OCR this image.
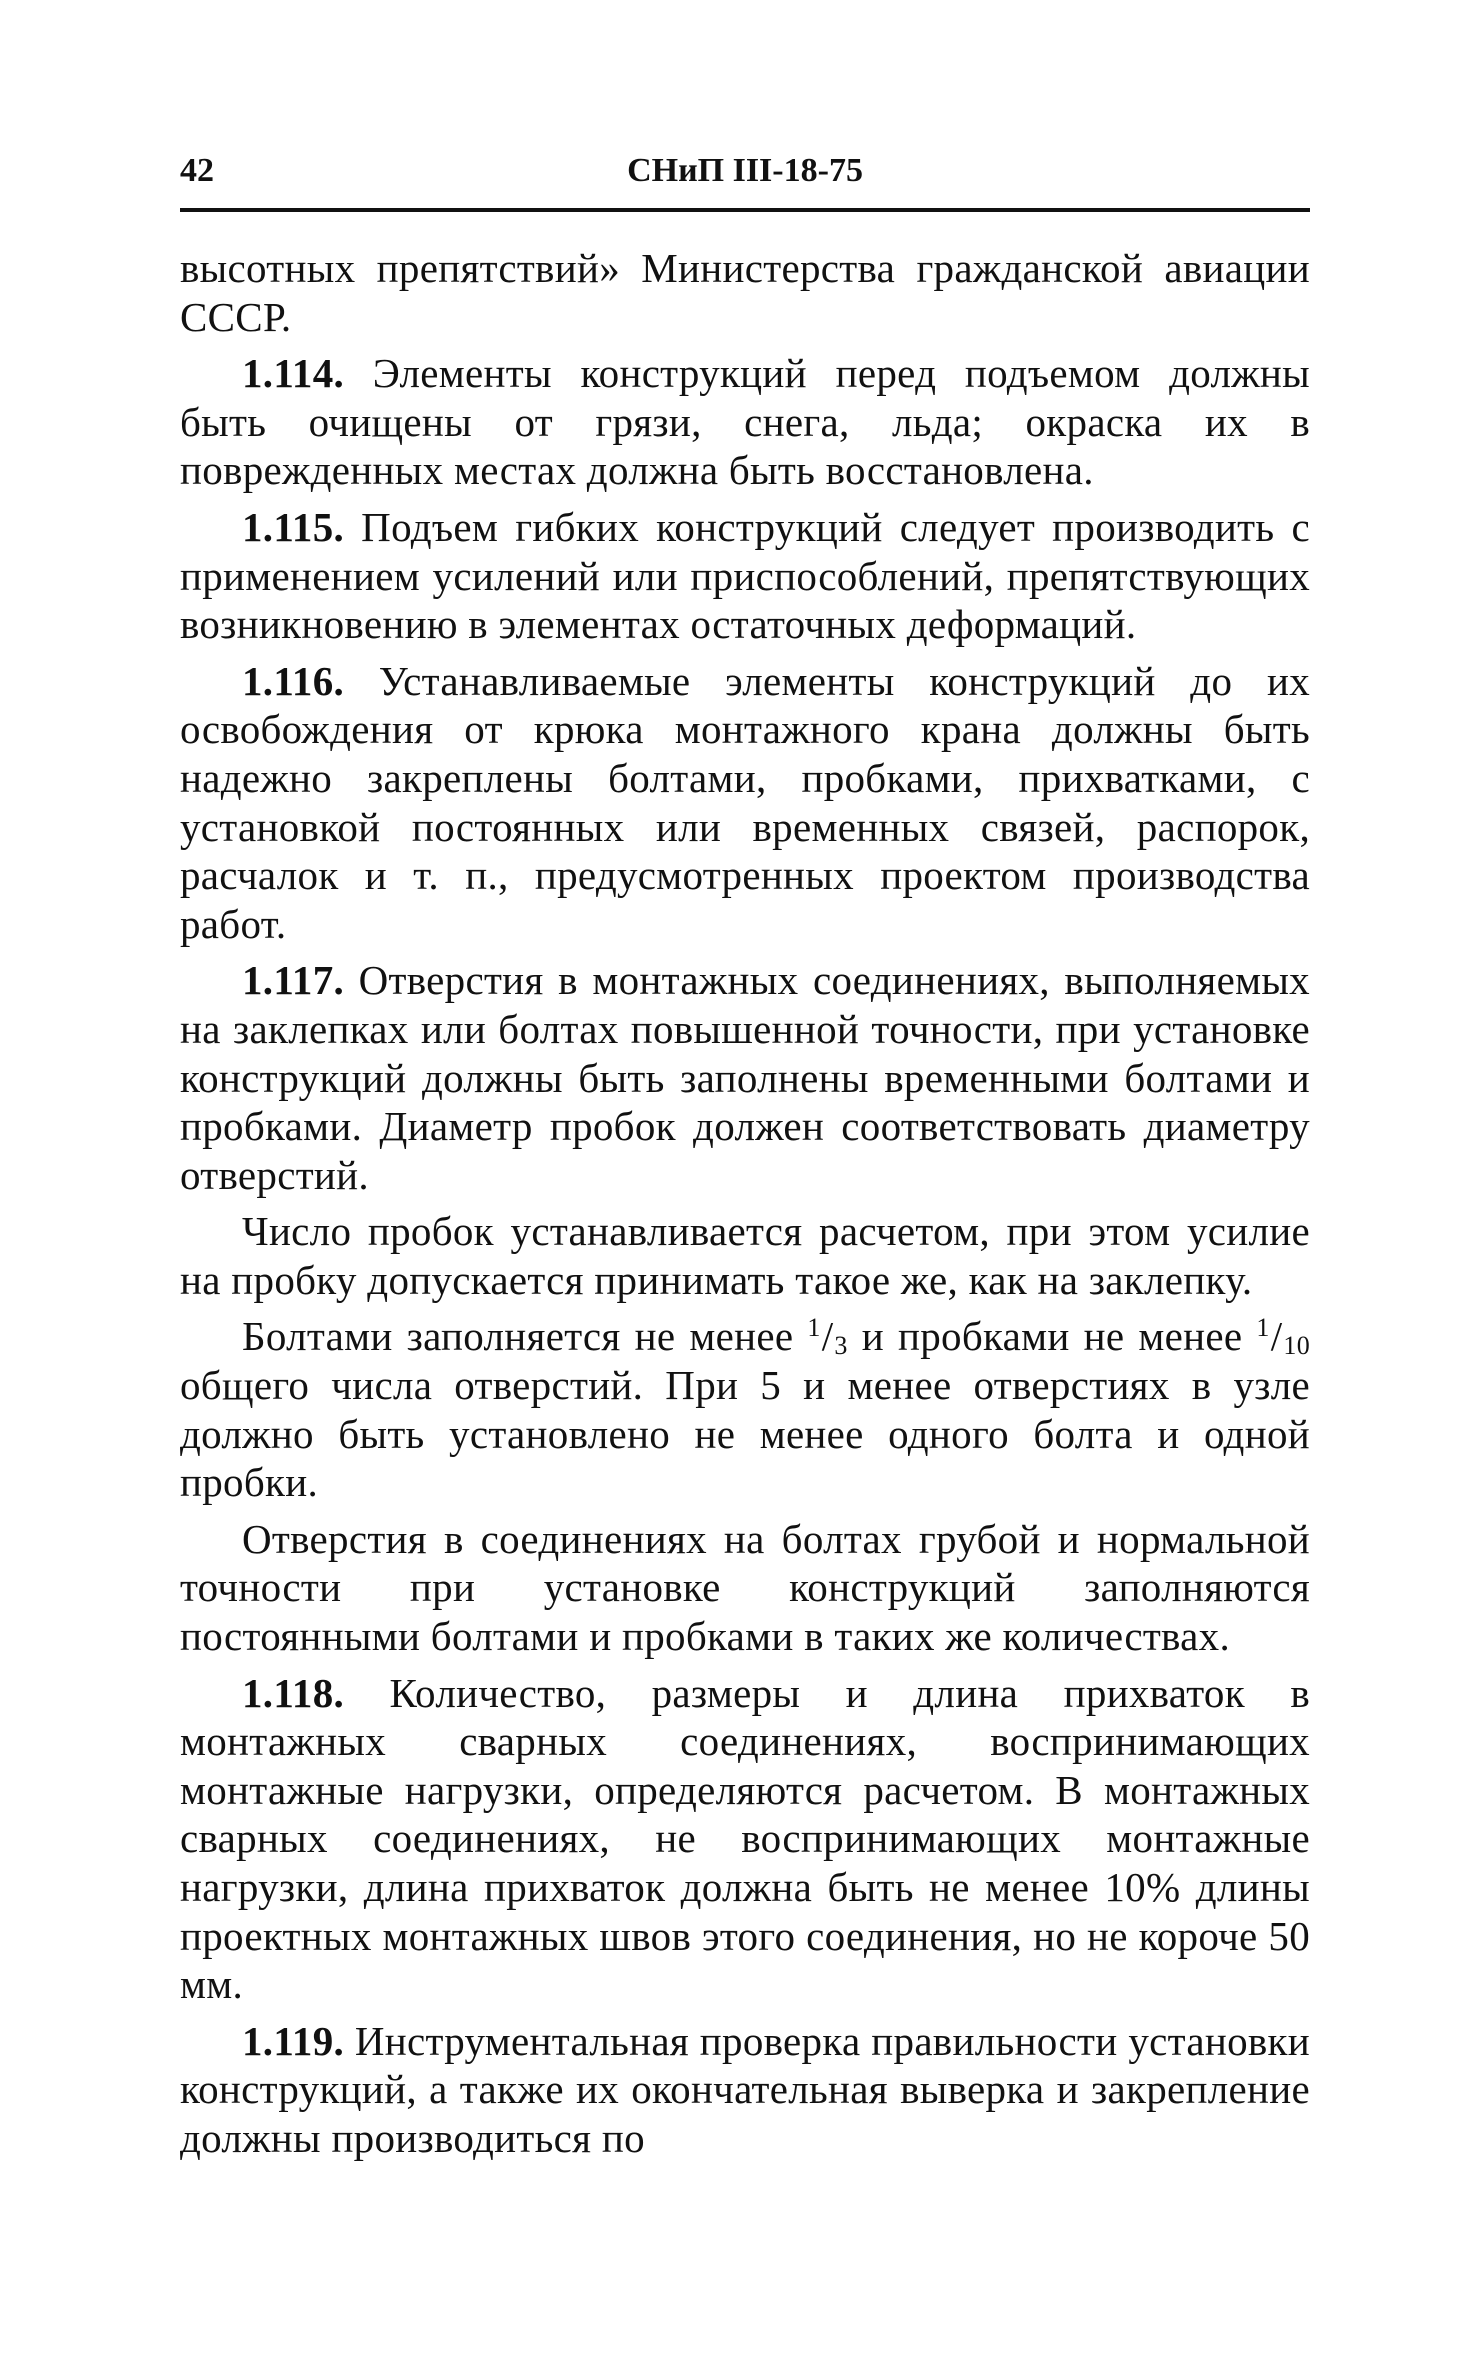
42	СНиП III-18-75

высотных препятствий» Министерства гражданской авиации СССР.

1.114. Элементы конструкций перед подъемом должны быть очищены от грязи, снега, льда; окраска их в поврежденных местах должна быть восстановлена.

1.115. Подъем гибких конструкций следует производить с применением усилений или приспособлений, препятствующих возникновению в элементах остаточных деформаций.

1.116. Устанавливаемые элементы конструкций до их освобождения от крюка монтажного крана должны быть надежно закреплены болтами, пробками, прихватками, с установкой постоянных или временных связей, распорок, расчалок и т. п., предусмотренных проектом производства работ.

1.117. Отверстия в монтажных соединениях, выполняемых на заклепках или болтах повышенной точности, при установке конструкций должны быть заполнены временными болтами и пробками. Диаметр пробок должен соответствовать диаметру отверстий.

Число пробок устанавливается расчетом, при этом усилие на пробку допускается принимать такое же, как на заклепку.

Болтами заполняется не менее $^1/_3$ и пробками не менее $^1/_{10}$ общего числа отверстий. При 5 и менее отверстиях в узле должно быть установлено не менее одного болта и одной пробки.

Отверстия в соединениях на болтах грубой и нормальной точности при установке конструкций заполняются постоянными болтами и пробками в таких же количествах.

1.118. Количество, размеры и длина прихваток в монтажных сварных соединениях, воспринимающих монтажные нагрузки, определяются расчетом. В монтажных сварных соединениях, не воспринимающих монтажные нагрузки, длина прихваток должна быть не менее 10% длины проектных монтажных швов этого соединения, но не короче 50 мм.

1.119. Инструментальная проверка правильности установки конструкций, а также их окончательная выверка и закрепление должны производиться по
